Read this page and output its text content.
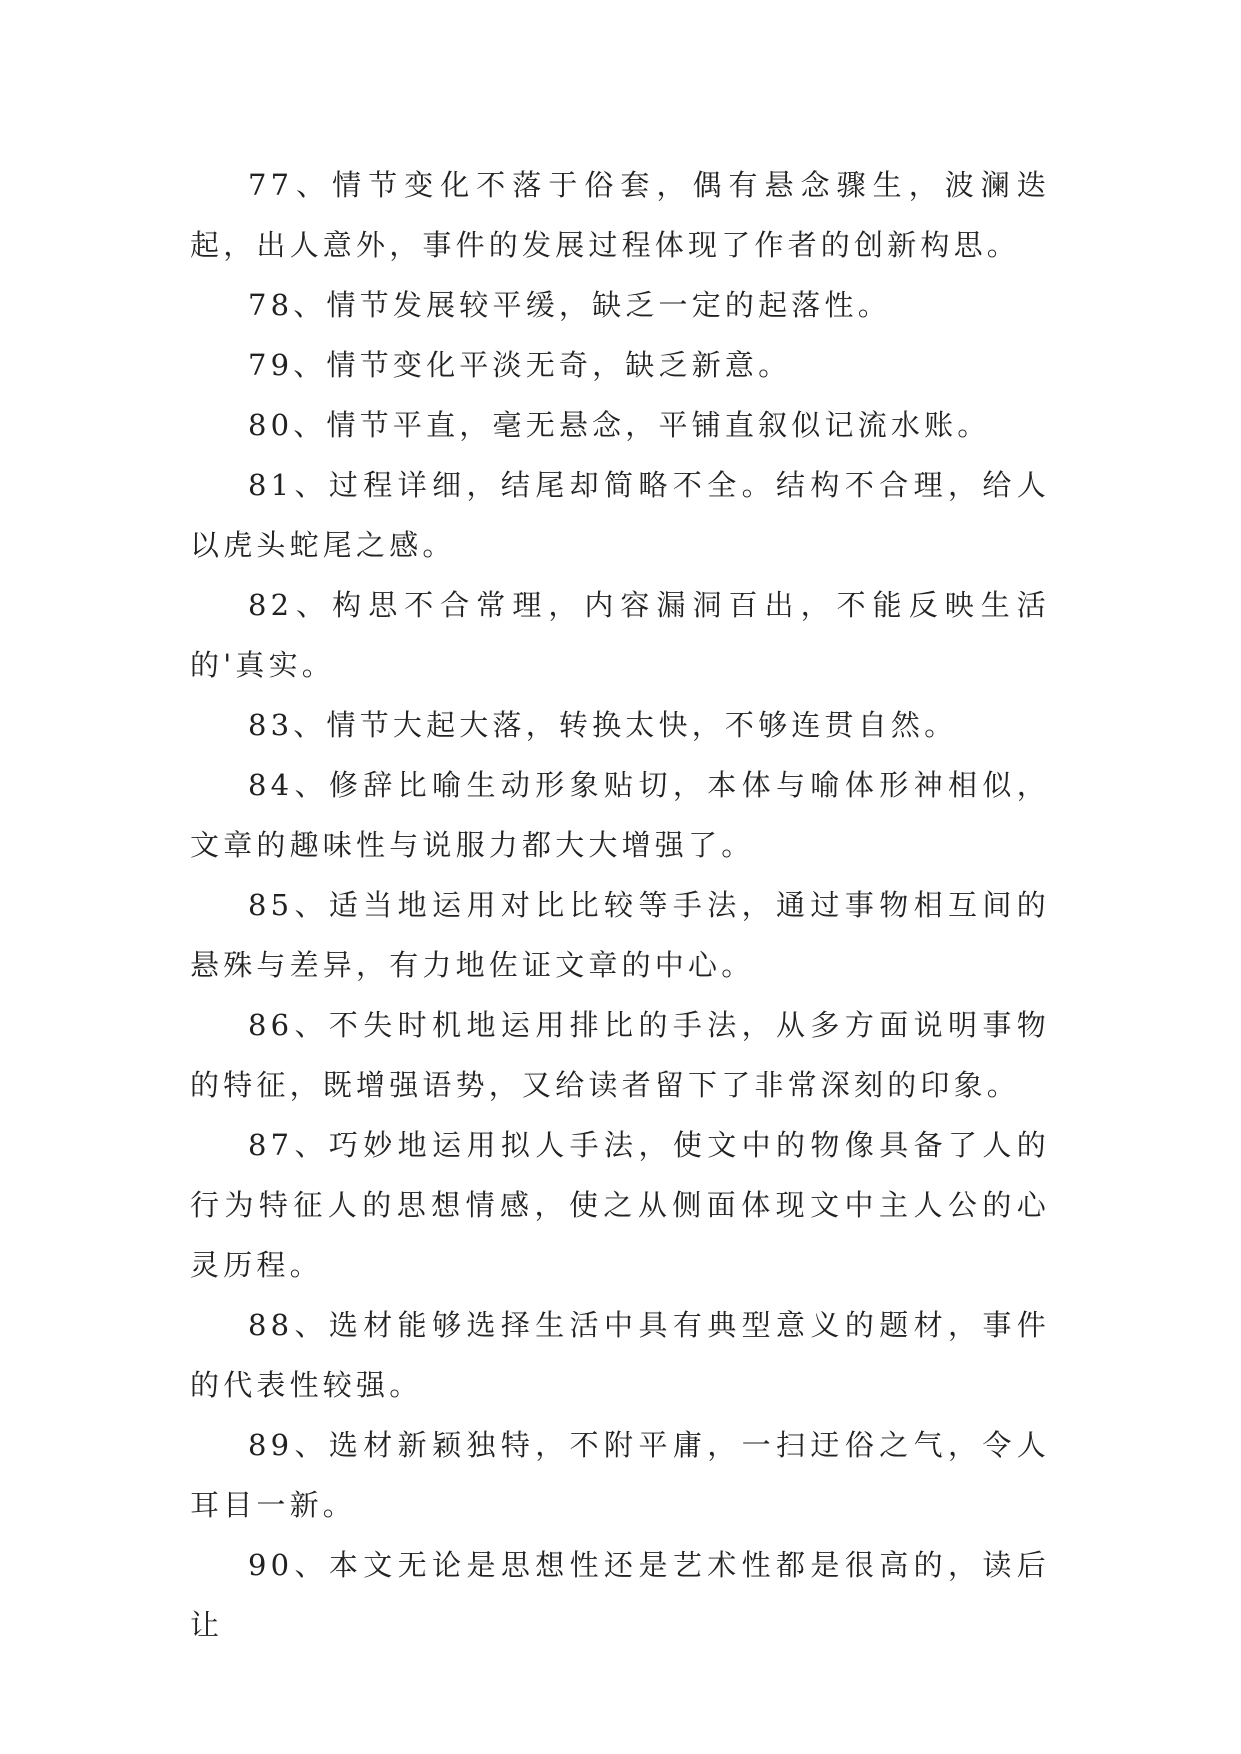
77、情节变化不落于俗套，偶有悬念骤生，波澜迭起，出人意外，事件的发展过程体现了作者的创新构思。

78、情节发展较平缓，缺乏一定的起落性。

79、情节变化平淡无奇，缺乏新意。

80、情节平直，毫无悬念，平铺直叙似记流水账。

81、过程详细，结尾却简略不全。结构不合理，给人以虎头蛇尾之感。

82、构思不合常理，内容漏洞百出，不能反映生活的'真实。

83、情节大起大落，转换太快，不够连贯自然。

84、修辞比喻生动形象贴切，本体与喻体形神相似，文章的趣味性与说服力都大大增强了。

85、适当地运用对比比较等手法，通过事物相互间的悬殊与差异，有力地佐证文章的中心。

86、不失时机地运用排比的手法，从多方面说明事物的特征，既增强语势，又给读者留下了非常深刻的印象。

87、巧妙地运用拟人手法，使文中的物像具备了人的行为特征人的思想情感，使之从侧面体现文中主人公的心灵历程。

88、选材能够选择生活中具有典型意义的题材，事件的代表性较强。

89、选材新颖独特，不附平庸，一扫迂俗之气，令人耳目一新。

90、本文无论是思想性还是艺术性都是很高的，读后让
